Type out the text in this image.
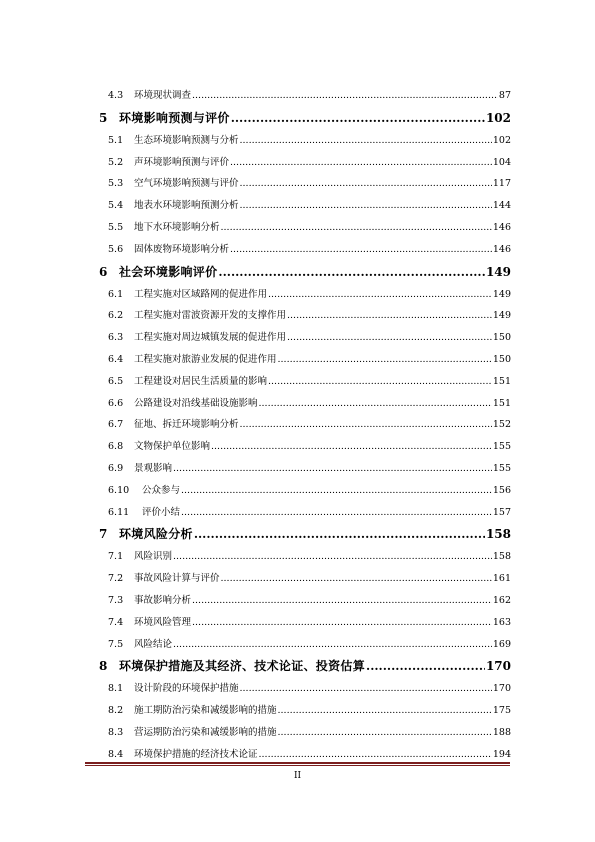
4.3	环境现状调查 .....	87
5 环境影响预测与评价 .....	102
5.1	生态环境影响预测与分析 .....	102
5.2	声环境影响预测与评价 .....	104
5.3	空气环境影响预测与评价 .....	117
5.4	地表水环境影响预测分析 .....	144
5.5	地下水环境影响分析 .....	146
5.6	固体废物环境影响分析 .....	146
6 社会环境影响评价 .....	149
6.1	工程实施对区域路网的促进作用 .....	149
6.2	工程实施对雷波资源开发的支撑作用 .....	149
6.3	工程实施对周边城镇发展的促进作用 .....	150
6.4	工程实施对旅游业发展的促进作用 .....	150
6.5	工程建设对居民生活质量的影响 .....	151
6.6	公路建设对沿线基础设施影响 .....	151
6.7	征地、拆迁环境影响分析 .....	152
6.8	文物保护单位影响 .....	155
6.9	景观影响 .....	155
6.10	公众参与 .....	156
6.11	评价小结 .....	157
7 环境风险分析 .....	158
7.1	风险识别 .....	158
7.2	事故风险计算与评价 .....	161
7.3	事故影响分析 .....	162
7.4	环境风险管理 .....	163
7.5	风险结论 .....	169
8 环境保护措施及其经济、技术论证、投资估算 .....	170
8.1	设计阶段的环境保护措施 .....	170
8.2	施工期防治污染和减缓影响的措施 .....	175
8.3	营运期防治污染和减缓影响的措施 .....	188
8.4	环境保护措施的经济技术论证 .....	194
II
